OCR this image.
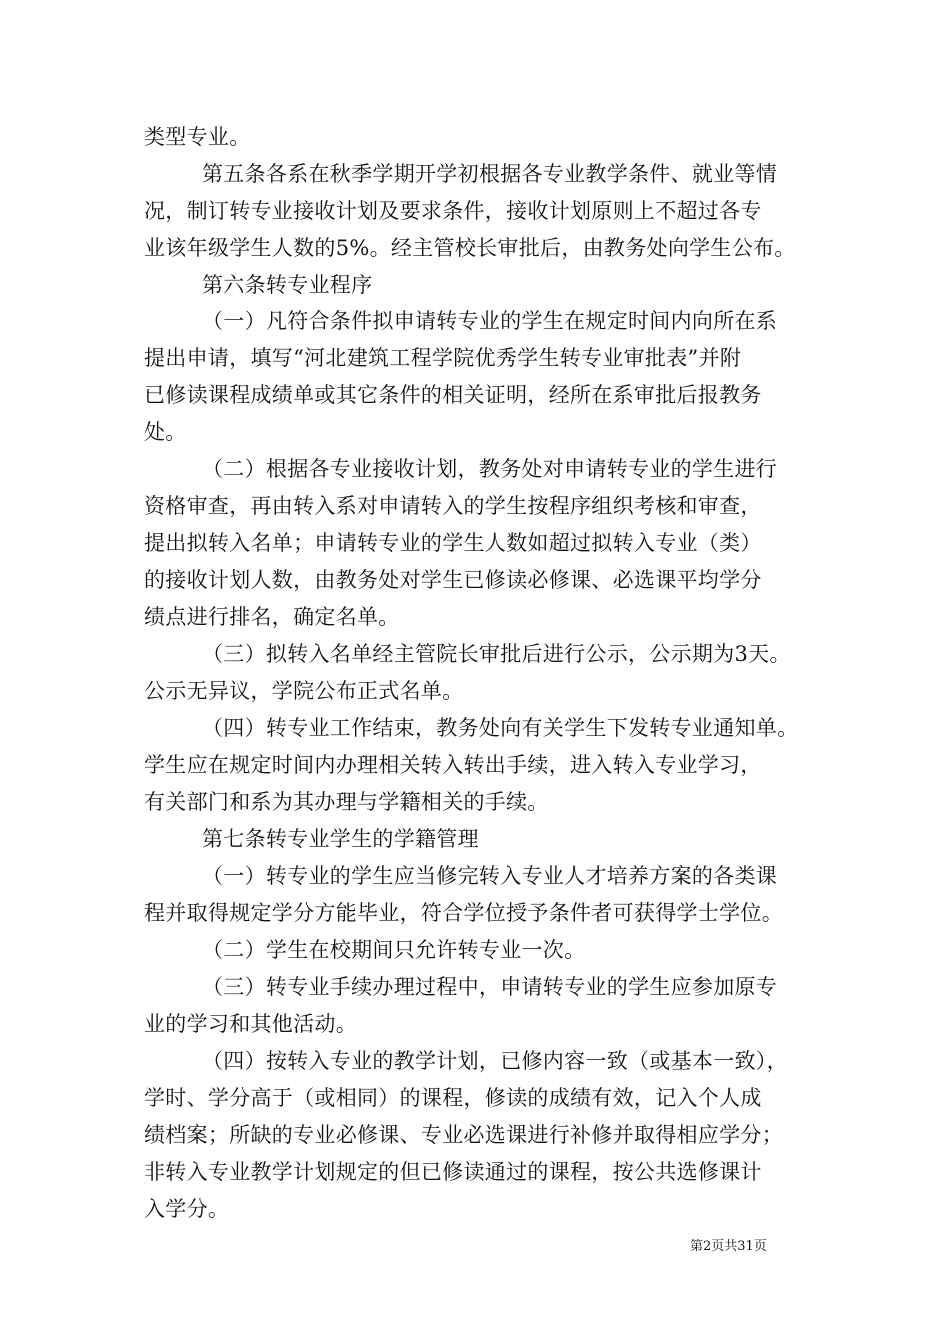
类型专业。

第五条各系在秋季学期开学初根据各专业教学条件、就业等情

况，制订转专业接收计划及要求条件，接收计划原则上不超过各专

业该年级学生人数的5%。经主管校长审批后，由教务处向学生公布。

第六条转专业程序

（一）凡符合条件拟申请转专业的学生在规定时间内向所在系

提出申请，填写“河北建筑工程学院优秀学生转专业审批表”并附

已修读课程成绩单或其它条件的相关证明，经所在系审批后报教务

处。

（二）根据各专业接收计划，教务处对申请转专业的学生进行

资格审查，再由转入系对申请转入的学生按程序组织考核和审查，

提出拟转入名单；申请转专业的学生人数如超过拟转入专业（类）

的接收计划人数，由教务处对学生已修读必修课、必选课平均学分

绩点进行排名，确定名单。

（三）拟转入名单经主管院长审批后进行公示，公示期为3天。

公示无异议，学院公布正式名单。

（四）转专业工作结束，教务处向有关学生下发转专业通知单。

学生应在规定时间内办理相关转入转出手续，进入转入专业学习，

有关部门和系为其办理与学籍相关的手续。

第七条转专业学生的学籍管理

（一）转专业的学生应当修完转入专业人才培养方案的各类课

程并取得规定学分方能毕业，符合学位授予条件者可获得学士学位。

（二）学生在校期间只允许转专业一次。

（三）转专业手续办理过程中，申请转专业的学生应参加原专

业的学习和其他活动。

（四）按转入专业的教学计划，已修内容一致（或基本一致），

学时、学分高于（或相同）的课程，修读的成绩有效，记入个人成

绩档案；所缺的专业必修课、专业必选课进行补修并取得相应学分；

非转入专业教学计划规定的但已修读通过的课程，按公共选修课计

入学分。

第2页共31页
